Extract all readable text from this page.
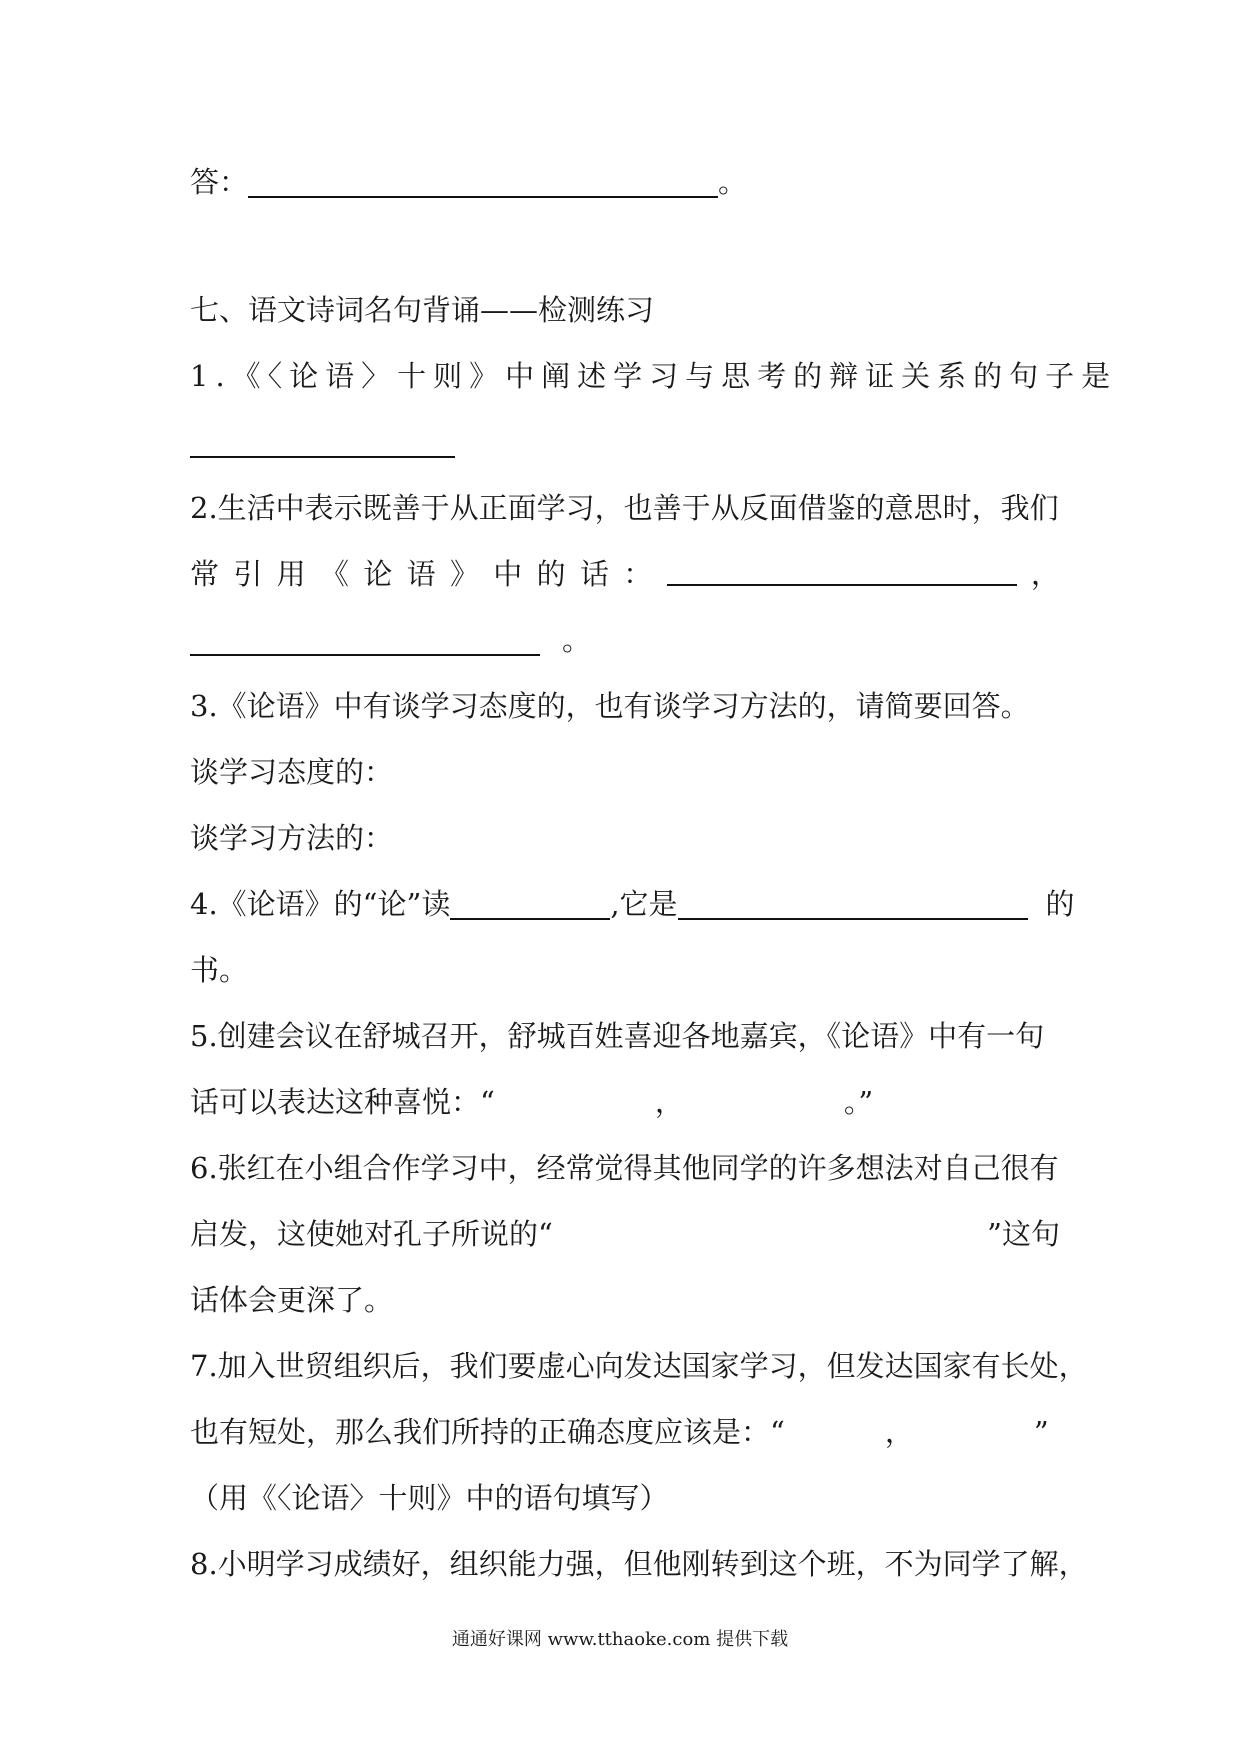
答：	。
七、语文诗词名句背诵——检测练习
1.《〈论语〉十则》中阐述学习与思考的辩证关系的句子是
2.生活中表示既善于从正面学习，也善于从反面借鉴的意思时，我们
常 引 用 《 论 语 》 中 的 话 ：	，
。
3.《论语》中有谈学习态度的，也有谈学习方法的，请简要回答。
谈学习态度的：
谈学习方法的：
4.《论语》的“论”读	,它是	的
书。
5.创建会议在舒城召开，舒城百姓喜迎各地嘉宾，《论语》中有一句
话可以表达这种喜悦：“	，	。”
6.张红在小组合作学习中，经常觉得其他同学的许多想法对自己很有
启发，这使她对孔子所说的“	”这句
话体会更深了。
7.加入世贸组织后，我们要虚心向发达国家学习，但发达国家有长处，
也有短处，那么我们所持的正确态度应该是：“	，	”
（用《〈论语〉十则》中的语句填写）
8.小明学习成绩好，组织能力强，但他刚转到这个班，不为同学了解，
通通好课网 www.tthaoke.com 提供下载
